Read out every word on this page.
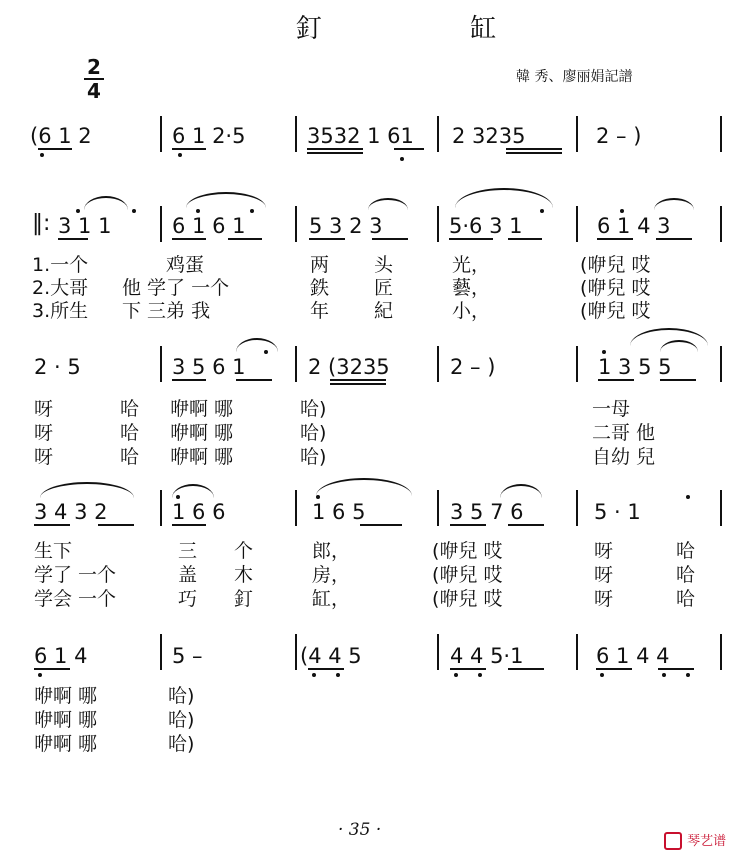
釘 缸
韓 秀、廖丽娟記譜
2
4
(6 1 2	6 1 2·5	3532 1 61 2 3235	2 – )
‖: 3 1 1	6 1 6 1	5 3 2 3	5·6 3 1	6 1 4 3
1.一个	鸡蛋	两 头	光，	(咿兒 哎
2.大哥 他 学了 一个	鉄 匠	藝，	(咿兒 哎
3.所生 下 三弟 我	年 紀	小，	(咿兒 哎
2 · 5	3 5 6 1	2 (3235	2 – )	1 3 5 5
呀	哈 咿啊 哪	哈)	一母
呀	哈 咿啊 哪	哈)	二哥 他
呀	哈 咿啊 哪	哈)	自幼 兒
3 4 3 2	1 6 6	1 6 5	3 5 7 6	5 · 1
生下	三 个	郎，	(咿兒 哎	呀	哈
学了 一个	盖 木	房，	(咿兒 哎	呀	哈
学会 一个	巧 釘	缸，	(咿兒 哎	呀	哈
6 1 4	5 –	(4 4 5	4 4 5·1	6 1 4 4
咿啊 哪	哈)
咿啊 哪	哈)
咿啊 哪	哈)
· 35 ·
琴艺谱
